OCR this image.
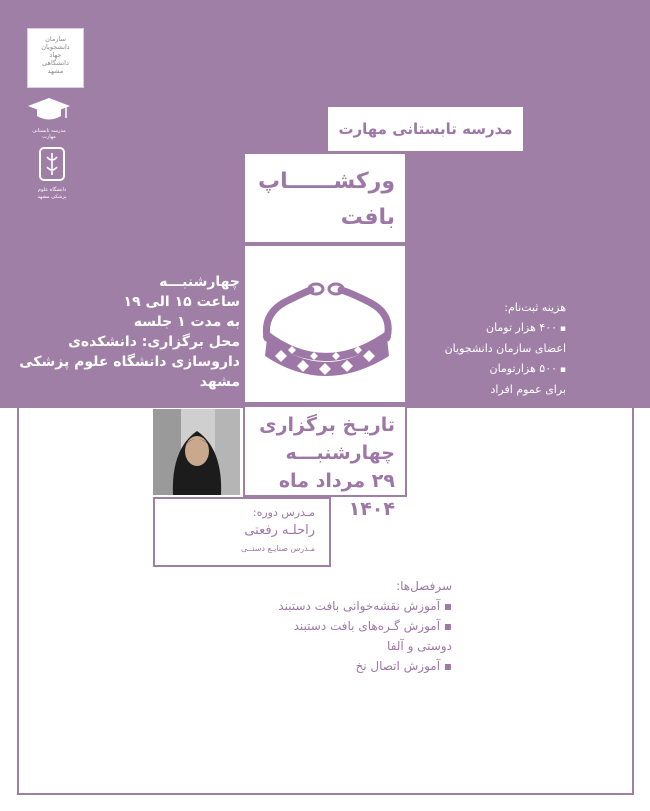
سازمان
دانشجویان
جهاد
دانشگاهی
مشهد
مدرسه تابستانی مهارت
دانشگاه علوم پزشکی مشهد
مدرسه تابستانی مهارت
ورکشــــــاپ
بافت
چهارشنبـــه
ساعت ۱۵ الی ۱۹
به مدت ۱ جلسه
محل برگزاری: دانشکده‌ی
داروسازی دانشگاه علوم پزشکی
مشهد
هزینه ثبت‌نام:
▪ ۴۰۰ هزار تومان
اعضای سازمان دانشجویان
▪ ۵۰۰ هزارتومان
برای عموم افراد
تاریـخ برگزاری
چهارشنبـــه
۲۹ مرداد ماه ۱۴۰۴
مـدرس دوره:
راحلـه رفعتی
مـدرس صنایـع دستــی
سرفصل‌ها:
▪ آموزش نقشه‌خوانی بافت دستبند
▪ آموزش گـره‌های بافت دستبند
دوستی و آلفا
▪ آموزش اتصال نخ
